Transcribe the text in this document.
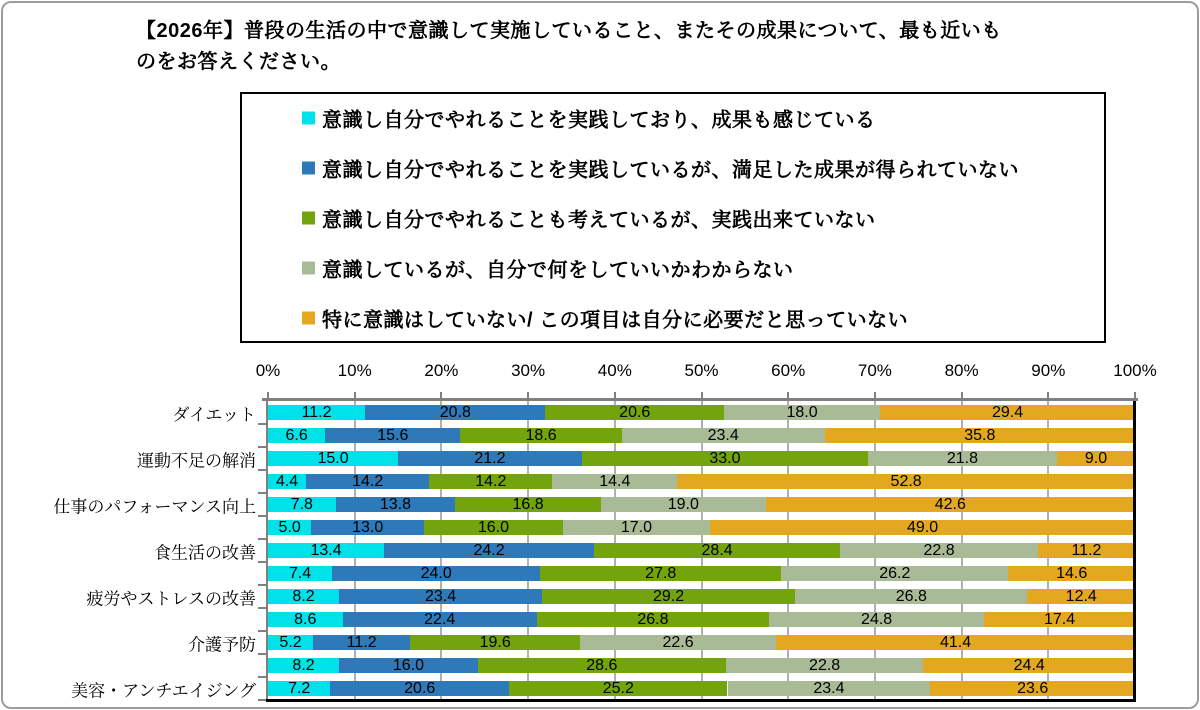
【2026年】普段の生活の中で意識して実施していること、またその成果について、最も近いも
のをお答えください。
意識し自分でやれることを実践しており、成果も感じている
意識し自分でやれることを実践しているが、満足した成果が得られていない
意識し自分でやれることも考えているが、実践出来ていない
意識しているが、自分で何をしていいかわからない
特に意識はしていない/ この項目は自分に必要だと思っていない
0%	10%	20%	30%	40%	50%	60%	70%	80%	90%	100%
11.2	20.8	20.6	18.0	29.4
6.6	15.6	18.6	23.4	35.8
15.0	21.2	33.0	21.8	9.0
4.4	14.2	14.2	14.4	52.8
7.8	13.8	16.8	19.0	42.6
5.0	13.0	16.0	17.0	49.0
13.4	24.2	28.4	22.8	11.2
7.4	24.0	27.8	26.2	14.6
8.2	23.4	29.2	26.8	12.4
8.6	22.4	26.8	24.8	17.4
5.2	11.2	19.6	22.6	41.4
8.2	16.0	28.6	22.8	24.4
7.2	20.6	25.2	23.4	23.6
ダイエット
運動不足の解消
仕事のパフォーマンス向上
食生活の改善
疲労やストレスの改善
介護予防
美容・アンチエイジング
